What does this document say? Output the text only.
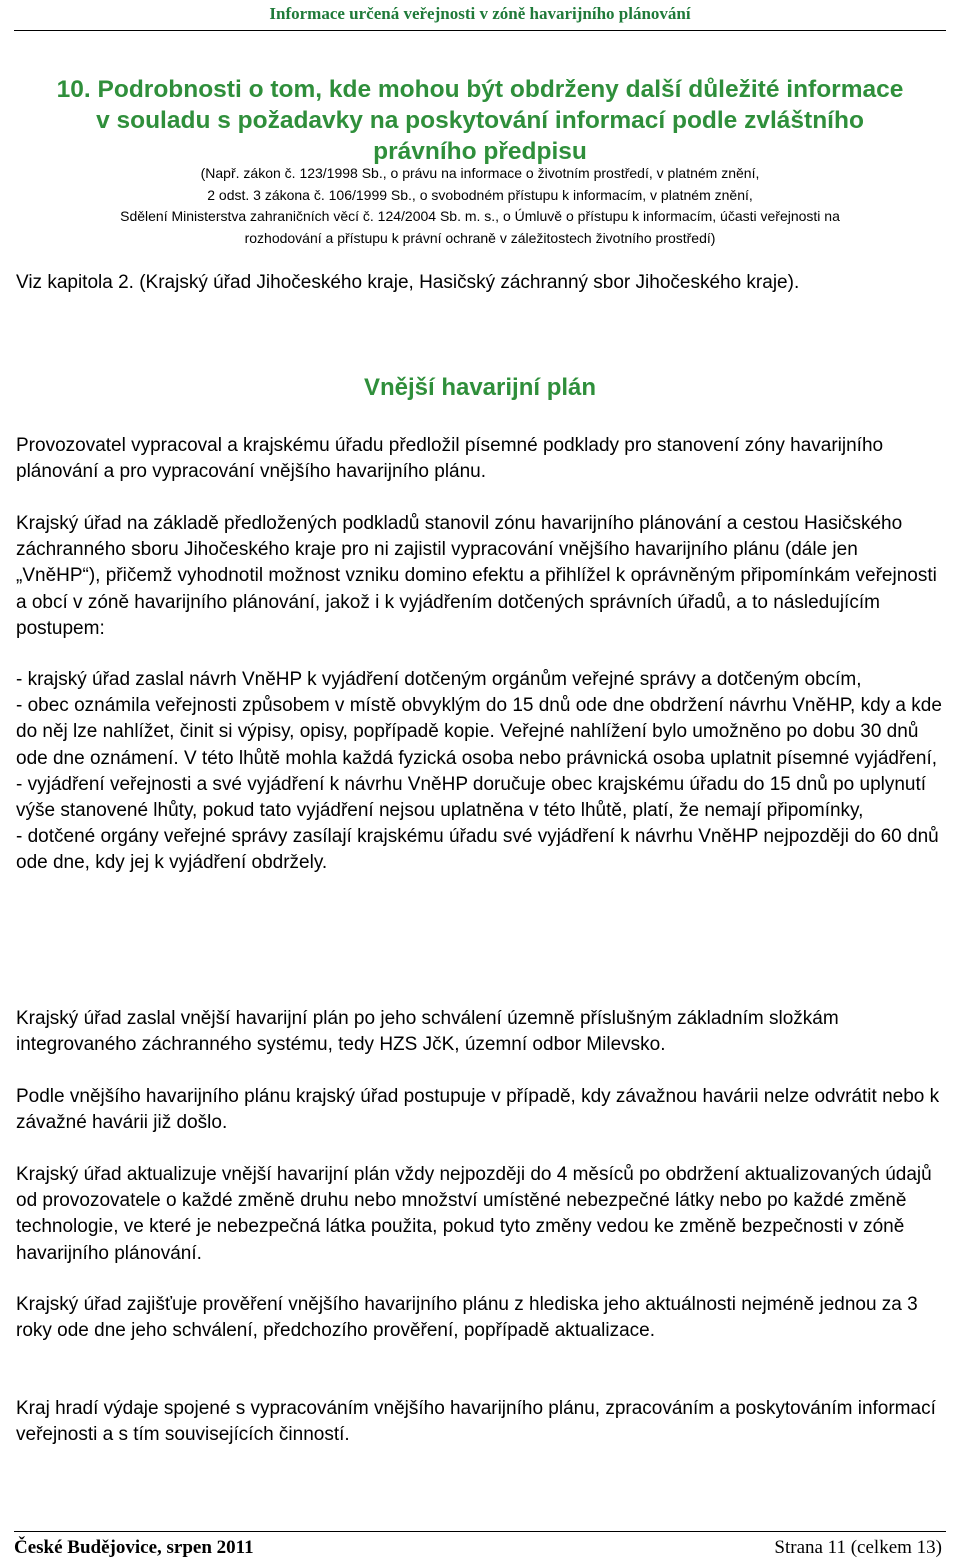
Informace určená veřejnosti v zóně havarijního plánování
10. Podrobnosti o tom, kde mohou být obdrženy další důležité informace
v souladu s požadavky na poskytování informací podle zvláštního
právního předpisu
(Např. zákon č. 123/1998 Sb., o právu na informace o životním prostředí, v platném znění,
2 odst. 3 zákona č. 106/1999 Sb., o svobodném přístupu k informacím, v platném znění,
Sdělení Ministerstva zahraničních věcí č. 124/2004 Sb. m. s., o Úmluvě o přístupu k informacím, účasti veřejnosti na
rozhodování a přístupu k právní ochraně v záležitostech životního prostředí)

Viz kapitola 2. (Krajský úřad Jihočeského kraje, Hasičský záchranný sbor Jihočeského kraje).

Vnější havarijní plán

Provozovatel vypracoval a krajskému úřadu předložil písemné podklady pro stanovení zóny havarijního plánování a pro vypracování vnějšího havarijního plánu.

Krajský úřad na základě předložených podkladů stanovil zónu havarijního plánování a cestou Hasičského záchranného sboru Jihočeského kraje pro ni zajistil vypracování vnějšího havarijního plánu (dále jen „VněHP“), přičemž vyhodnotil možnost vzniku domino efektu a přihlížel k oprávněným připomínkám veřejnosti a obcí v zóně havarijního plánování, jakož i k vyjádřením dotčených správních úřadů, a to následujícím postupem:

- krajský úřad zaslal návrh VněHP k vyjádření dotčeným orgánům veřejné správy a dotčeným obcím,
- obec oznámila veřejnosti způsobem v místě obvyklým do 15 dnů ode dne obdržení návrhu VněHP, kdy a kde do něj lze nahlížet, činit si výpisy, opisy, popřípadě kopie. Veřejné nahlížení bylo umožněno po dobu 30 dnů ode dne oznámení. V této lhůtě mohla každá fyzická osoba nebo právnická osoba uplatnit písemné vyjádření,
- vyjádření veřejnosti a své vyjádření k návrhu VněHP doručuje obec krajskému úřadu do 15 dnů po uplynutí výše stanovené lhůty, pokud tato vyjádření nejsou uplatněna v této lhůtě, platí, že nemají připomínky,
- dotčené orgány veřejné správy zasílají krajskému úřadu své vyjádření k návrhu VněHP nejpozději do 60 dnů ode dne, kdy jej k vyjádření obdržely.

Krajský úřad zaslal vnější havarijní plán po jeho schválení územně příslušným základním složkám integrovaného záchranného systému, tedy HZS JčK, územní odbor Milevsko.

Podle vnějšího havarijního plánu krajský úřad postupuje v případě, kdy závažnou havárii nelze odvrátit nebo k závažné havárii již došlo.

Krajský úřad aktualizuje vnější havarijní plán vždy nejpozději do 4 měsíců po obdržení aktualizovaných údajů od provozovatele o každé změně druhu nebo množství umístěné nebezpečné látky nebo po každé změně technologie, ve které je nebezpečná látka použita, pokud tyto změny vedou ke změně bezpečnosti v zóně havarijního plánování.

Krajský úřad zajišťuje prověření vnějšího havarijního plánu z hlediska jeho aktuálnosti nejméně jednou za 3 roky ode dne jeho schválení, předchozího prověření, popřípadě aktualizace.

Kraj hradí výdaje spojené s vypracováním vnějšího havarijního plánu, zpracováním a poskytováním informací veřejnosti a s tím souvisejících činností.

České Budějovice, srpen 2011	Strana 11 (celkem 13)
